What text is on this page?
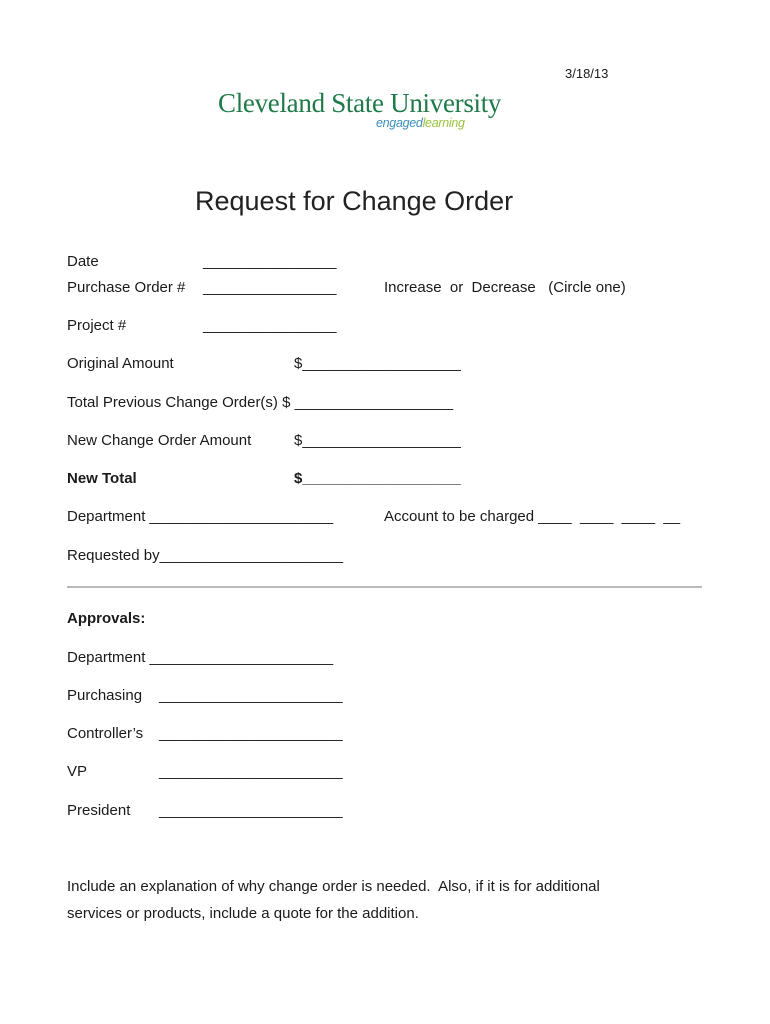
3/18/13
Cleveland State University
engagedlearning
Request for Change Order
Date	________________
Purchase Order # ________________	Increase  or  Decrease   (Circle one)
Project #	________________
Original Amount	$___________________
Total Previous Change Order(s) $ ___________________
New Change Order Amount	$___________________
New Total	$___________________
Department ______________________	Account to be charged ____  ____  ____  __
Requested by______________________
Approvals:
Department ______________________
Purchasing ______________________
Controller’s ______________________
VP	______________________
President ______________________
Include an explanation of why change order is needed.  Also, if it is for additional
services or products, include a quote for the addition.
